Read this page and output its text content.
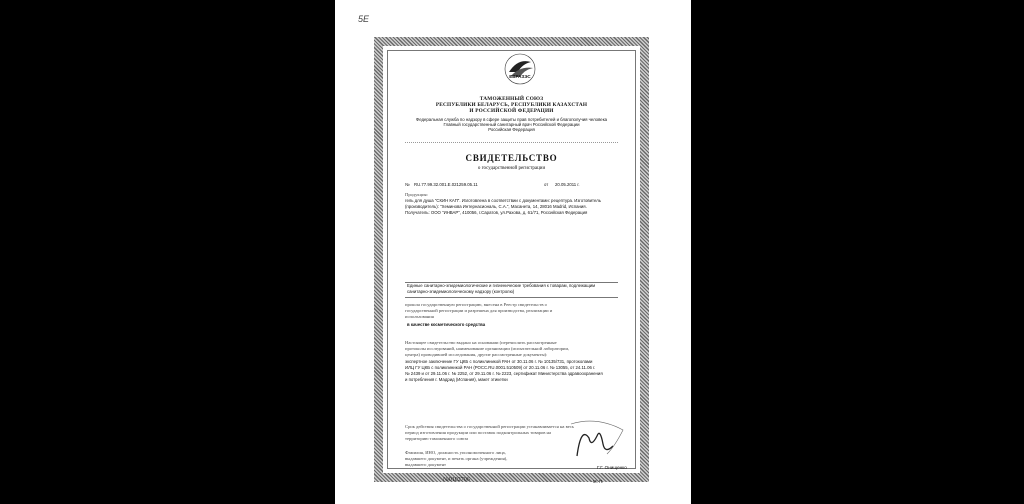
5E
ЕВРАЗЭС
ТАМОЖЕННЫЙ СОЮЗ
РЕСПУБЛИКИ БЕЛАРУСЬ, РЕСПУБЛИКИ КАЗАХСТАН
И РОССИЙСКОЙ ФЕДЕРАЦИИ
Федеральная служба по надзору в сфере защиты прав потребителей и благополучия человека
Главный государственный санитарный врач Российской Федерации
Российская Федерация
СВИДЕТЕЛЬСТВО
о государственной регистрации
№ RU.77.99.32.001.E.021259.05.11	от 20.05.2011 г.
Продукция:
гель для душа "СКИН КАП". Изготовлена в соответствии с документами: рецептура. Изготовитель
(производитель): "Хеминова Интернасиональ, С.А.", Масанета, 14, 28016 Madrid, Испания.
Получатель: ООО "ИНВАР", 410056, г.Саратов, ул.Рахова, д. 61/71, Российская Федерация
Единые санитарно-эпидемиологические и гигиенические требования к товарам, подлежащим
санитарно-эпидемиологическому надзору (контролю)
прошла государственную регистрацию, внесена в Реестр свидетельств о
государственной регистрации и разрешена для производства, реализации и
использования
в качестве косметического средства
Настоящее свидетельство выдано на основании (перечислить рассмотренные
протоколы исследований, наименование организации (испытательной лаборатории,
центра) проводившей исследования, другие рассмотренные документы):
экспертное заключение ГУ ЦКБ с поликлиникой РАН от 30.11.06 г. № 10135/731, протоколами
ИЛЦ ГУ ЦКБ с поликлиникой РАН (РОСС.RU.0001.510509) от 20.11.06 г. № 13055, от 24.11.06 г.
№ 2439 и от 29.11.06 г. № 2252, от 29.11.06 г. № 2223, сертификат Министерства здравоохранения
и потребления г. Мадрид (Испания), макет этикетки
Срок действия свидетельства о государственной регистрации устанавливается на весь
период изготовления продукции или поставок подконтрольных товаров на
территорию таможенного союза
Фамилия, ИНО, должность уполномоченного лица,
выдавшего документ, и печать органа (учреждения),
выдавшего документ
Г.Г. Онищенко
№0102706	М. П.
